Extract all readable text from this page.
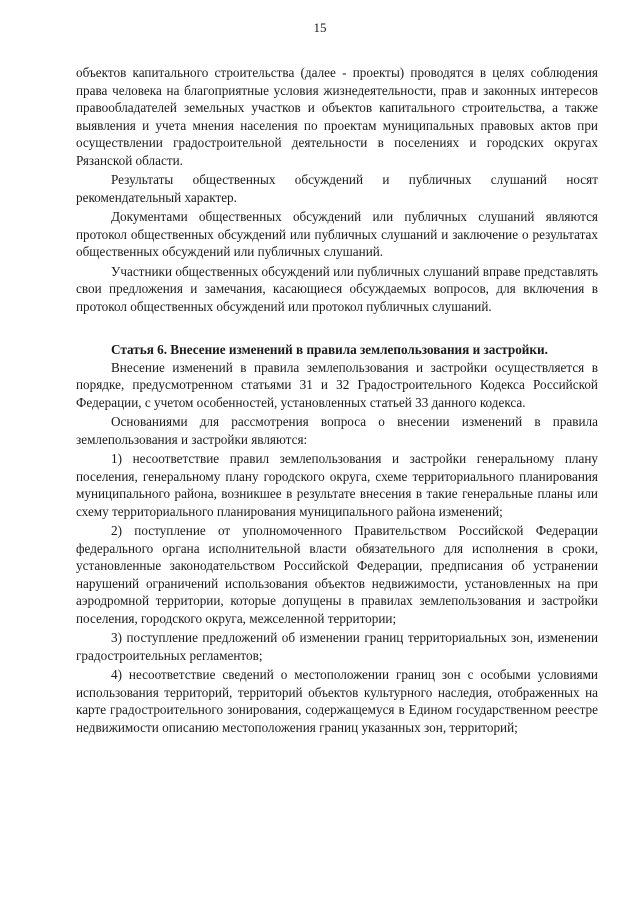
15

объектов капитального строительства (далее - проекты) проводятся в целях соблюдения права человека на благоприятные условия жизнедеятельности, прав и законных интересов правообладателей земельных участков и объектов капитального строительства, а также выявления и учета мнения населения по проектам муниципальных правовых актов при осуществлении градостроительной деятельности в поселениях и городских округах Рязанской области.

Результаты общественных обсуждений и публичных слушаний носят рекомендательный характер.

Документами общественных обсуждений или публичных слушаний являются протокол общественных обсуждений или публичных слушаний и заключение о результатах общественных обсуждений или публичных слушаний.

Участники общественных обсуждений или публичных слушаний вправе представлять свои предложения и замечания, касающиеся обсуждаемых вопросов, для включения в протокол общественных обсуждений или протокол публичных слушаний.

Статья 6. Внесение изменений в правила землепользования и застройки.

Внесение изменений в правила землепользования и застройки осуществляется в порядке, предусмотренном статьями 31 и 32 Градостроительного Кодекса Российской Федерации, с учетом особенностей, установленных статьей 33 данного кодекса.

Основаниями для рассмотрения вопроса о внесении изменений в правила землепользования и застройки являются:

1) несоответствие правил землепользования и застройки генеральному плану поселения, генеральному плану городского округа, схеме территориального планирования муниципального района, возникшее в результате внесения в такие генеральные планы или схему территориального планирования муниципального района изменений;

2) поступление от уполномоченного Правительством Российской Федерации федерального органа исполнительной власти обязательного для исполнения в сроки, установленные законодательством Российской Федерации, предписания об устранении нарушений ограничений использования объектов недвижимости, установленных на при аэродромной территории, которые допущены в правилах землепользования и застройки поселения, городского округа, межселенной территории;

3) поступление предложений об изменении границ территориальных зон, изменении градостроительных регламентов;

4) несоответствие сведений о местоположении границ зон с особыми условиями использования территорий, территорий объектов культурного наследия, отображенных на карте градостроительного зонирования, содержащемуся в Едином государственном реестре недвижимости описанию местоположения границ указанных зон, территорий;
